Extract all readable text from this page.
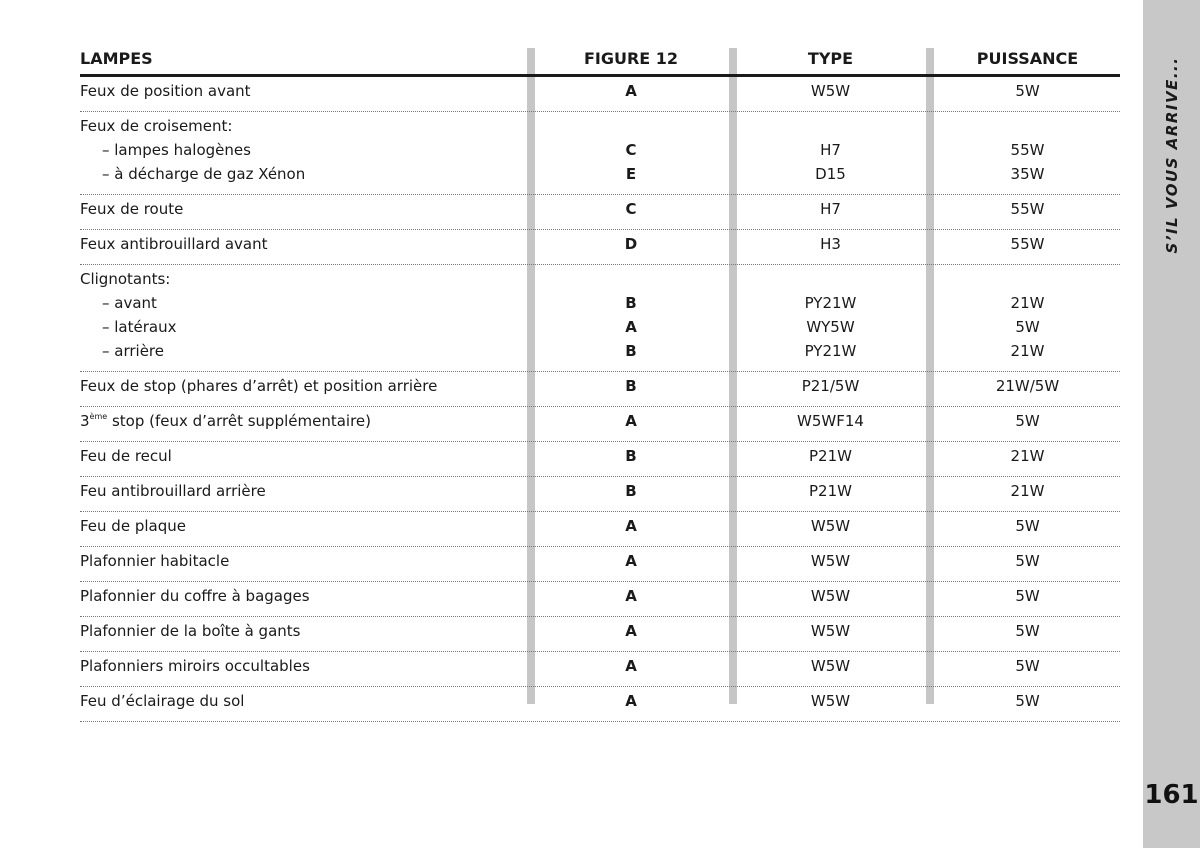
S’IL VOUS ARRIVE...
161
LAMPES	FIGURE 12	TYPE	PUISSANCE
Feux de position avant	A	W5W	5W
Feux de croisement:
– lampes halogènes	C	H7	55W
– à décharge de gaz Xénon	E	D15	35W
Feux de route	C	H7	55W
Feux antibrouillard avant	D	H3	55W
Clignotants:
– avant	B	PY21W	21W
– latéraux	A	WY5W	5W
– arrière	B	PY21W	21W
Feux de stop (phares d’arrêt) et position arrière	B	P21/5W	21W/5W
3ème stop (feux d’arrêt supplémentaire)	A	W5WF14	5W
Feu de recul	B	P21W	21W
Feu antibrouillard arrière	B	P21W	21W
Feu de plaque	A	W5W	5W
Plafonnier habitacle	A	W5W	5W
Plafonnier du coffre à bagages	A	W5W	5W
Plafonnier de la boîte à gants	A	W5W	5W
Plafonniers miroirs occultables	A	W5W	5W
Feu d’éclairage du sol	A	W5W	5W
